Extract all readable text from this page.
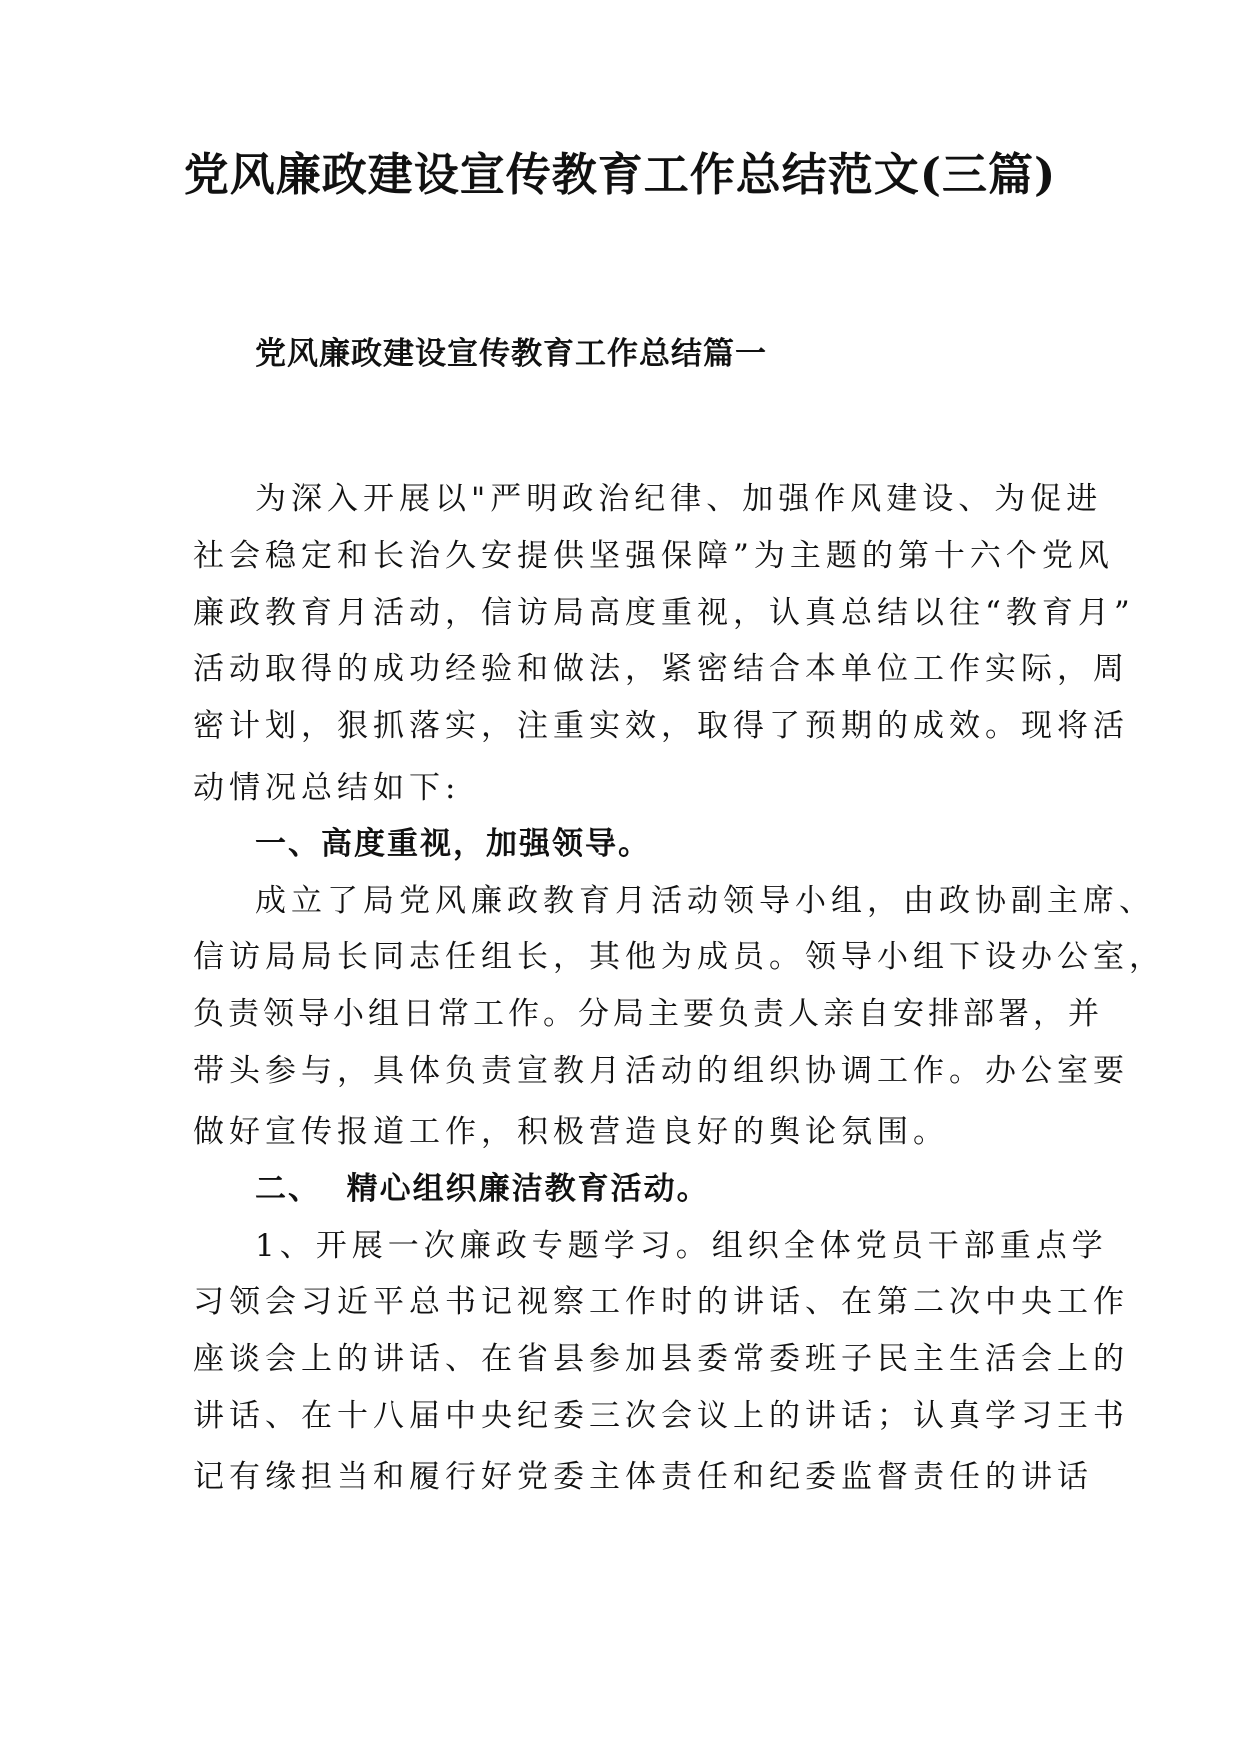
党风廉政建设宣传教育工作总结范文(三篇)
党风廉政建设宣传教育工作总结篇一

为深入开展以"严明政治纪律、加强作风建设、为促进

社会稳定和长治久安提供坚强保障”为主题的第十六个党风

廉政教育月活动，信访局高度重视，认真总结以往“教育月”

活动取得的成功经验和做法，紧密结合本单位工作实际，周

密计划，狠抓落实，注重实效，取得了预期的成效。现将活

动情况总结如下:

一、高度重视，加强领导。

成立了局党风廉政教育月活动领导小组，由政协副主席、

信访局局长同志任组长，其他为成员。领导小组下设办公室，

负责领导小组日常工作。分局主要负责人亲自安排部署，并

带头参与，具体负责宣教月活动的组织协调工作。办公室要

做好宣传报道工作，积极营造良好的舆论氛围。

二、  精心组织廉洁教育活动。

1、开展一次廉政专题学习。组织全体党员干部重点学

习领会习近平总书记视察工作时的讲话、在第二次中央工作

座谈会上的讲话、在省县参加县委常委班子民主生活会上的

讲话、在十八届中央纪委三次会议上的讲话；认真学习王书

记有缘担当和履行好党委主体责任和纪委监督责任的讲话
